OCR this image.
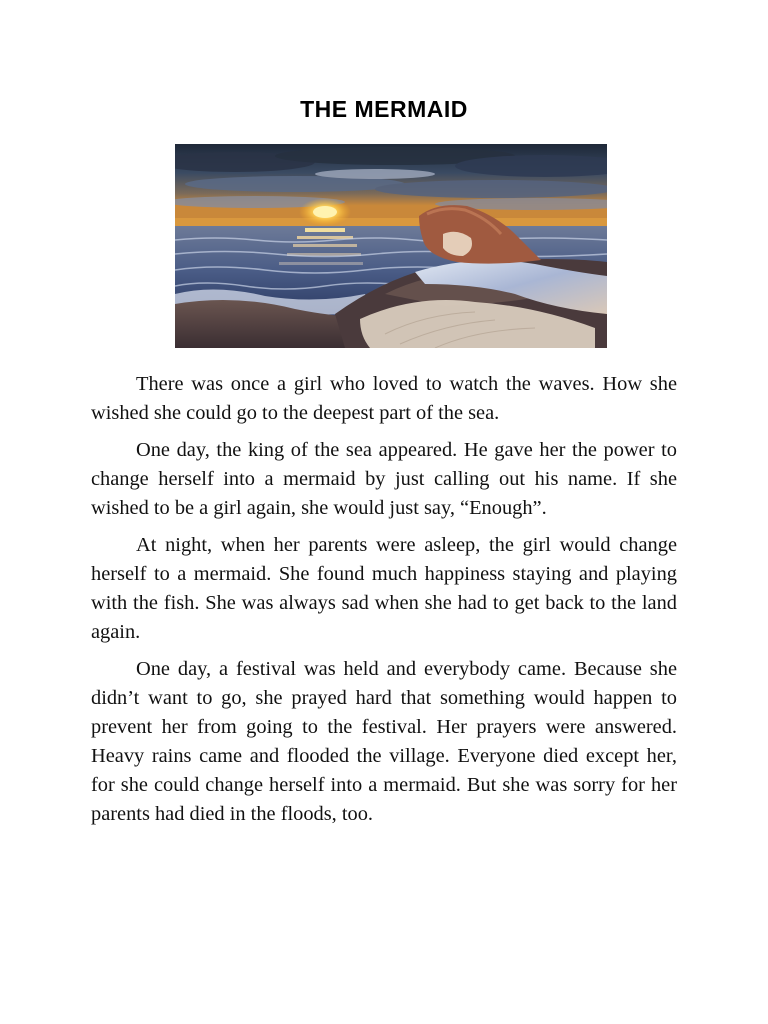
THE MERMAID

There was once a girl who loved to watch the waves. How she wished she could go to the deepest part of the sea.

One day, the king of the sea appeared. He gave her the power to change herself into a mermaid by just calling out his name. If she wished to be a girl again, she would just say, “Enough”.

At night, when her parents were asleep, the girl would change herself to a mermaid. She found much happiness staying and playing with the fish. She was always sad when she had to get back to the land again.

One day, a festival was held and everybody came. Because she didn’t want to go, she prayed hard that something would happen to prevent her from going to the festival. Her prayers were answered. Heavy rains came and flooded the village. Everyone died except her, for she could change herself into a mermaid. But she was sorry for her parents had died in the floods, too.
